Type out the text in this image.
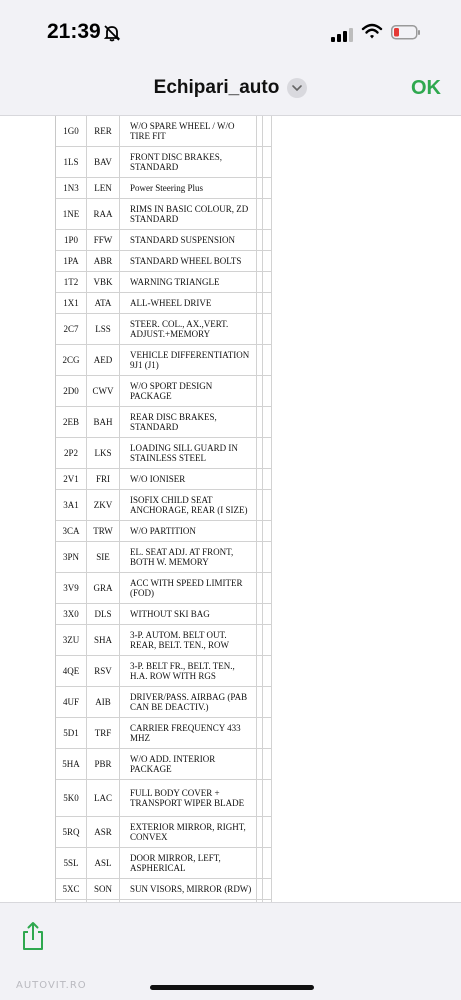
21:39
Echipari_auto	OK
1G0	RER	W/O SPARE WHEEL / W/O TIRE FIT
1LS	BAV	FRONT DISC BRAKES, STANDARD
1N3	LEN	Power Steering Plus
1NE	RAA	RIMS IN BASIC COLOUR, ZD STANDARD
1P0	FFW	STANDARD SUSPENSION
1PA	ABR	STANDARD WHEEL BOLTS
1T2	VBK	WARNING TRIANGLE
1X1	ATA	ALL-WHEEL DRIVE
2C7	LSS	STEER. COL., AX.,VERT. ADJUST.+MEMORY
2CG	AED	VEHICLE DIFFERENTIATION 9J1 (J1)
2D0	CWV	W/O SPORT DESIGN PACKAGE
2EB	BAH	REAR DISC BRAKES, STANDARD
2P2	LKS	LOADING SILL GUARD IN STAINLESS STEEL
2V1	FRI	W/O IONISER
3A1	ZKV	ISOFIX CHILD SEAT ANCHORAGE, REAR (I SIZE)
3CA	TRW	W/O PARTITION
3PN	SIE	EL. SEAT ADJ. AT FRONT, BOTH W. MEMORY
3V9	GRA	ACC WITH SPEED LIMITER (FOD)
3X0	DLS	WITHOUT SKI BAG
3ZU	SHA	3-P. AUTOM. BELT OUT. REAR, BELT. TEN., ROW
4QE	RSV	3-P. BELT FR., BELT. TEN., H.A. ROW WITH RGS
4UF	AIB	DRIVER/PASS. AIRBAG (PAB CAN BE DEACTIV.)
5D1	TRF	CARRIER FREQUENCY 433 MHZ
5HA	PBR	W/O ADD. INTERIOR PACKAGE
5K0	LAC	FULL BODY COVER + TRANSPORT WIPER BLADE
5RQ	ASR	EXTERIOR MIRROR, RIGHT, CONVEX
5SL	ASL	DOOR MIRROR, LEFT, ASPHERICAL
5XC	SON	SUN VISORS, MIRROR (RDW)
AUTOVIT.RO
